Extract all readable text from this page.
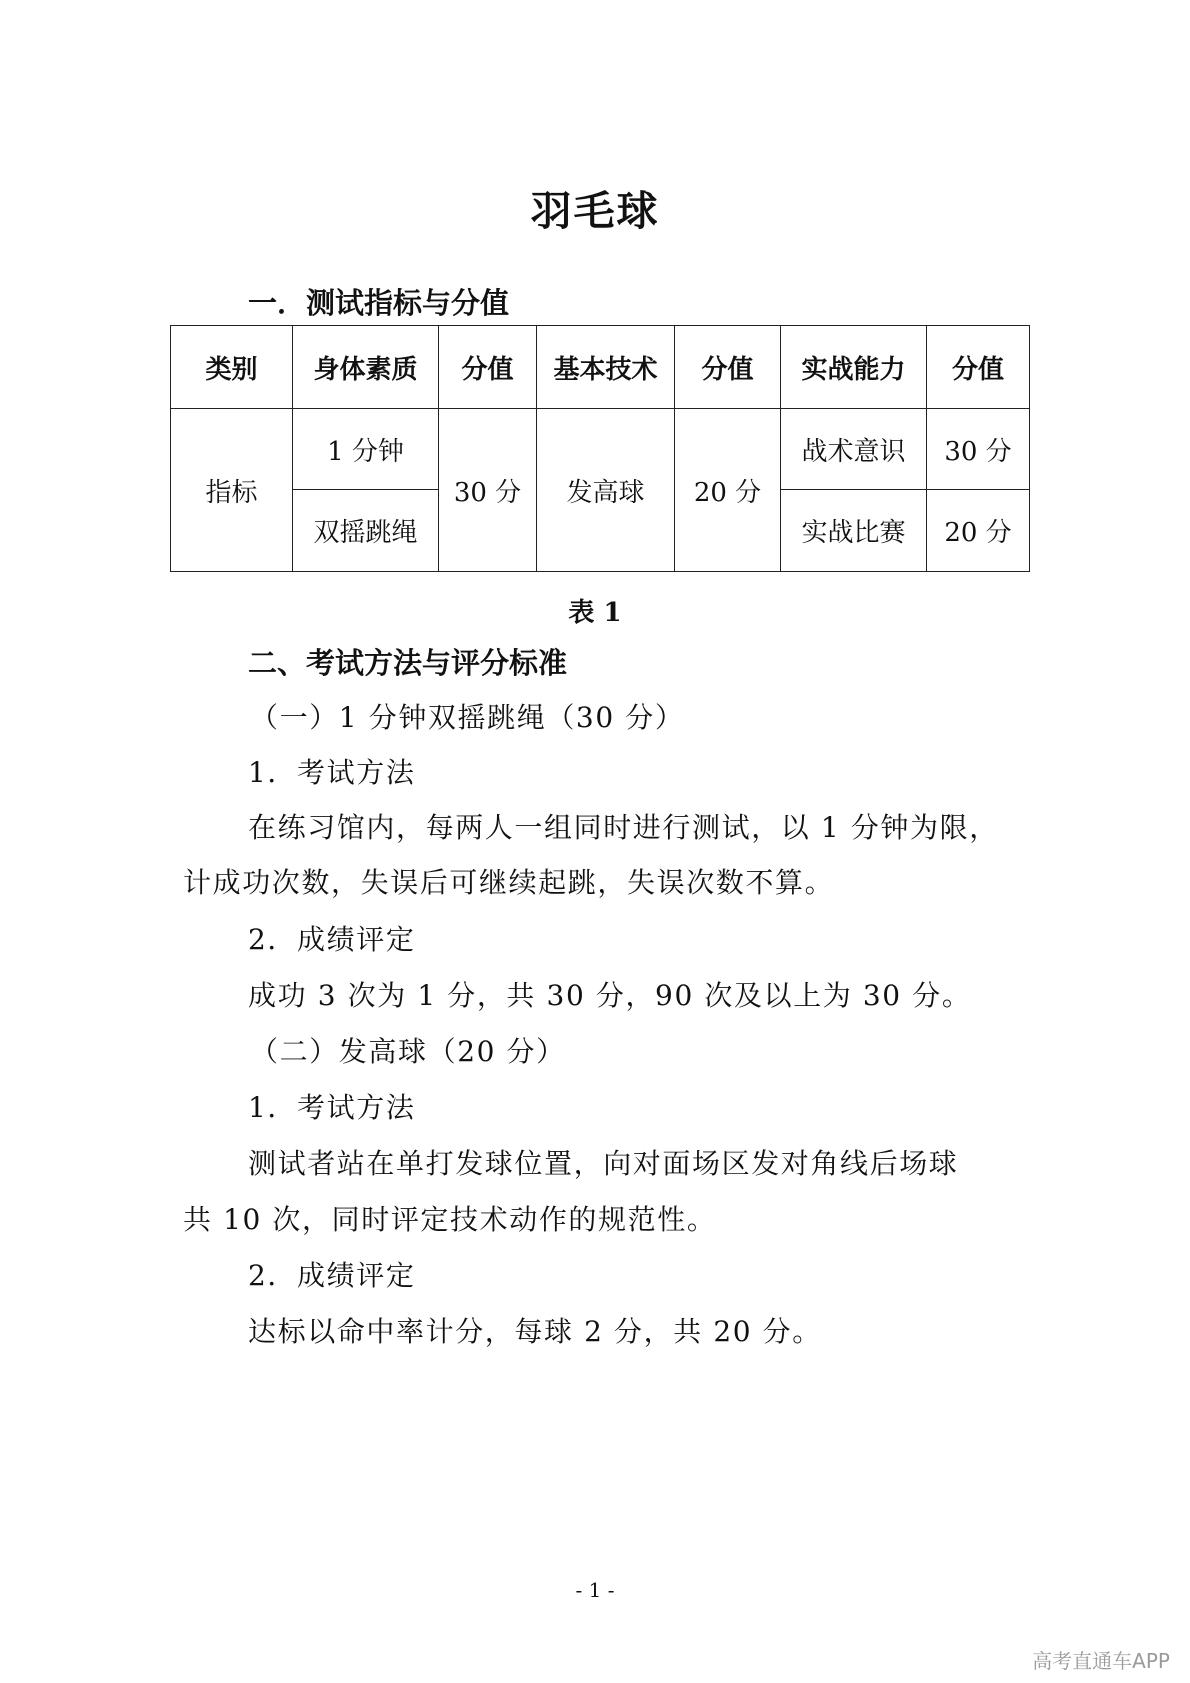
羽毛球
一．测试指标与分值
类别	身体素质	分值	基本技术	分值	实战能力	分值
指标	1 分钟	30 分	发高球	20 分	战术意识	30 分
	双摇跳绳				实战比赛	20 分
表 1
二、考试方法与评分标准
（一）1 分钟双摇跳绳（30 分）
1．考试方法
在练习馆内，每两人一组同时进行测试，以 1 分钟为限，
计成功次数，失误后可继续起跳，失误次数不算。
2．成绩评定
成功 3 次为 1 分，共 30 分，90 次及以上为 30 分。
（二）发高球（20 分）
1．考试方法
测试者站在单打发球位置，向对面场区发对角线后场球
共 10 次，同时评定技术动作的规范性。
2．成绩评定
达标以命中率计分，每球 2 分，共 20 分。
- 1 -
高考直通车APP
